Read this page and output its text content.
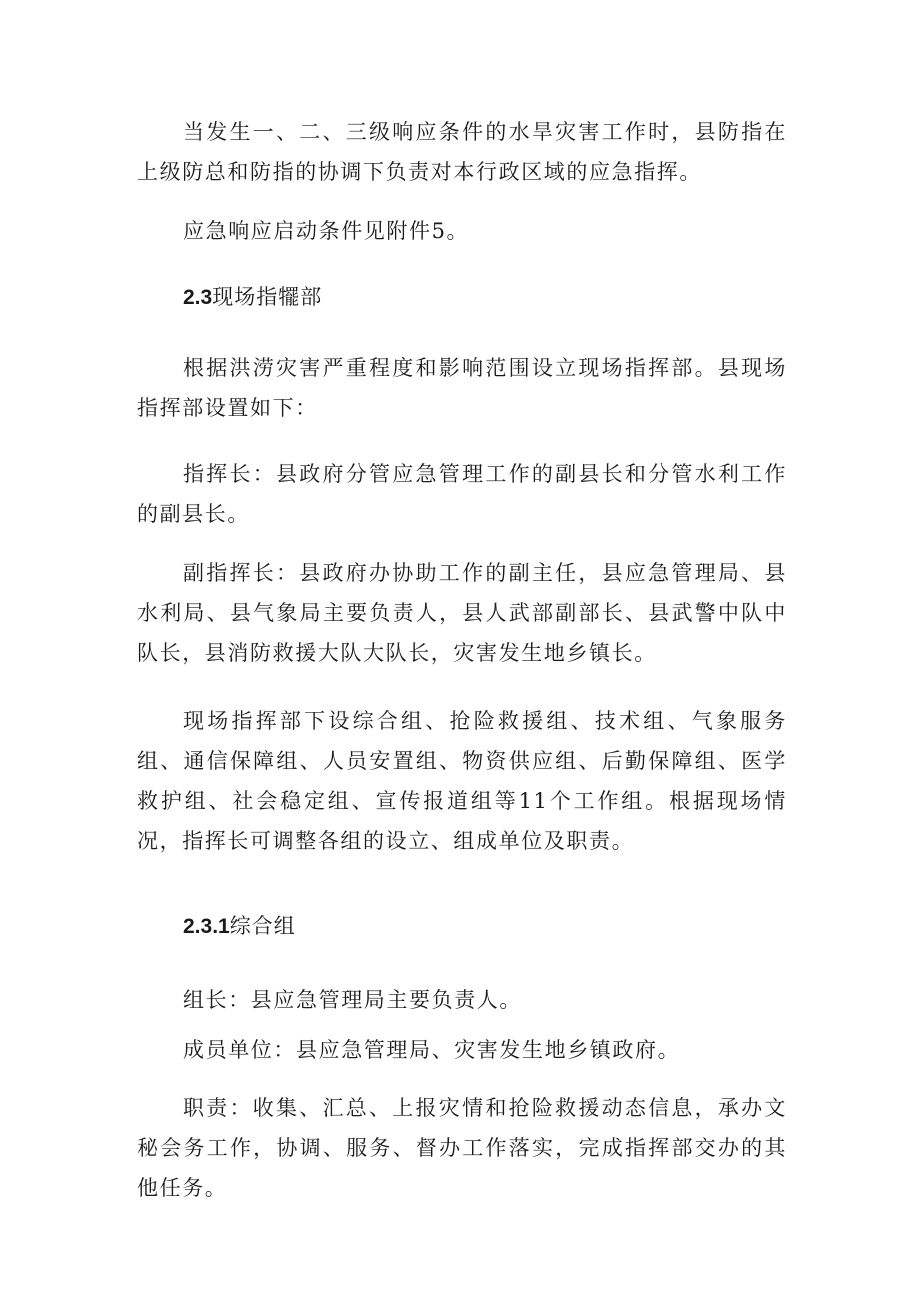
当发生一、二、三级响应条件的水旱灾害工作时，县防指在上级防总和防指的协调下负责对本行政区域的应急指挥。

应急响应启动条件见附件5。

2.3现场指犤部

根据洪涝灾害严重程度和影响范围设立现场指挥部。县现场指挥部设置如下：

指挥长：县政府分管应急管理工作的副县长和分管水利工作的副县长。

副指挥长：县政府办协助工作的副主任，县应急管理局、县水利局、县气象局主要负责人，县人武部副部长、县武警中队中队长，县消防救援大队大队长，灾害发生地乡镇长。

现场指挥部下设综合组、抢险救援组、技术组、气象服务组、通信保障组、人员安置组、物资供应组、后勤保障组、医学救护组、社会稳定组、宣传报道组等11个工作组。根据现场情况，指挥长可调整各组的设立、组成单位及职责。

2.3.1综合组

组长：县应急管理局主要负责人。

成员单位：县应急管理局、灾害发生地乡镇政府。

职责：收集、汇总、上报灾情和抢险救援动态信息，承办文秘会务工作，协调、服务、督办工作落实，完成指挥部交办的其他任务。
